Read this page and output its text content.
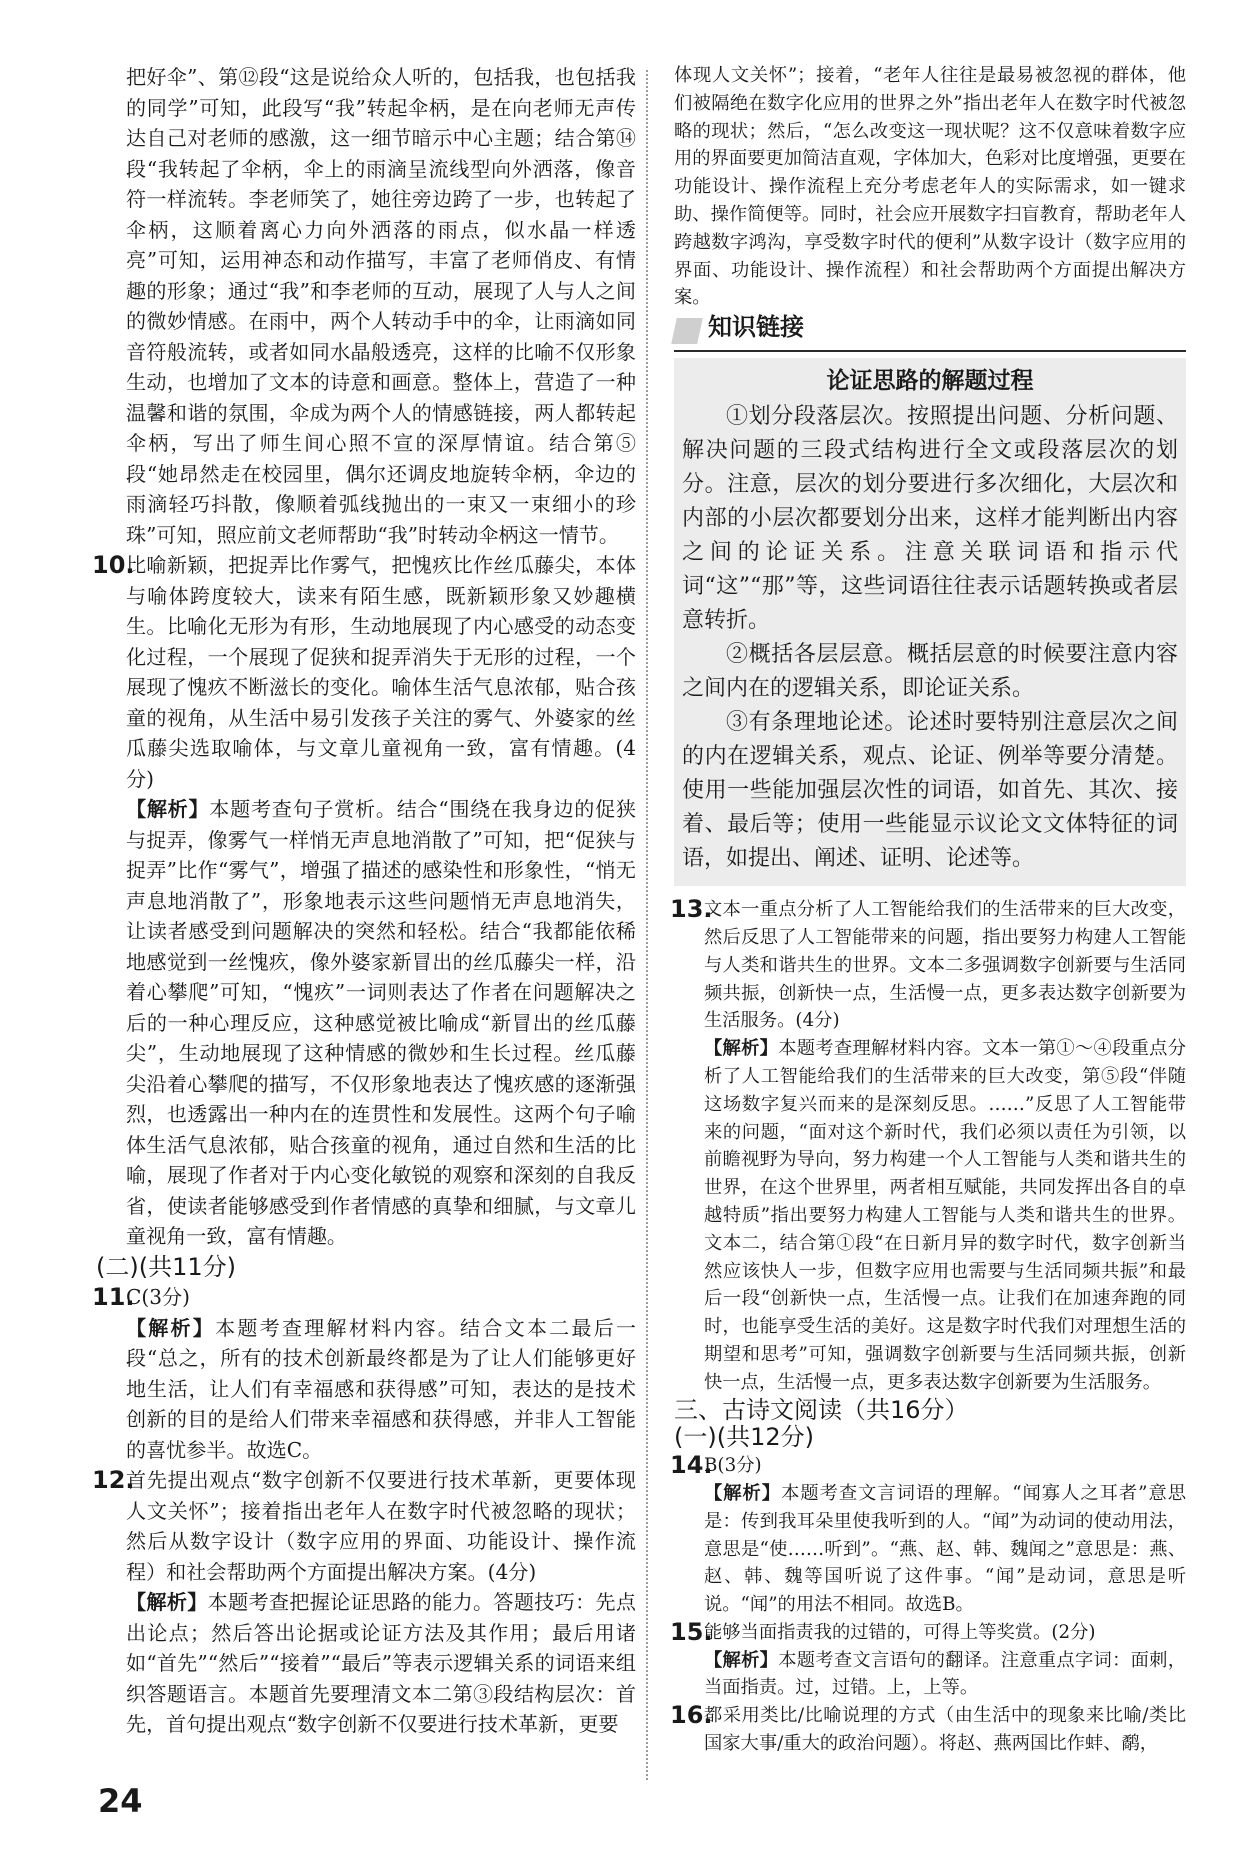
把好伞”、第⑫段“这是说给众人听的，包括我，也包括我的同学”可知，此段写“我”转起伞柄，是在向老师无声传达自己对老师的感激，这一细节暗示中心主题；结合第⑭段“我转起了伞柄，伞上的雨滴呈流线型向外洒落，像音符一样流转。李老师笑了，她往旁边跨了一步，也转起了伞柄，这顺着离心力向外洒落的雨点，似水晶一样透亮”可知，运用神态和动作描写，丰富了老师俏皮、有情趣的形象；通过“我”和李老师的互动，展现了人与人之间的微妙情感。在雨中，两个人转动手中的伞，让雨滴如同音符般流转，或者如同水晶般透亮，这样的比喻不仅形象生动，也增加了文本的诗意和画意。整体上，营造了一种温馨和谐的氛围，伞成为两个人的情感链接，两人都转起伞柄，写出了师生间心照不宣的深厚情谊。结合第⑤段“她昂然走在校园里，偶尔还调皮地旋转伞柄，伞边的雨滴轻巧抖散，像顺着弧线抛出的一束又一束细小的珍珠”可知，照应前文老师帮助“我”时转动伞柄这一情节。

10.

比喻新颖，把捉弄比作雾气，把愧疚比作丝瓜藤尖，本体与喻体跨度较大，读来有陌生感，既新颖形象又妙趣横生。比喻化无形为有形，生动地展现了内心感受的动态变化过程，一个展现了促狭和捉弄消失于无形的过程，一个展现了愧疚不断滋长的变化。喻体生活气息浓郁，贴合孩童的视角，从生活中易引发孩子关注的雾气、外婆家的丝瓜藤尖选取喻体，与文章儿童视角一致，富有情趣。(4分)

【解析】本题考查句子赏析。结合“围绕在我身边的促狭与捉弄，像雾气一样悄无声息地消散了”可知，把“促狭与捉弄”比作“雾气”，增强了描述的感染性和形象性，“悄无声息地消散了”，形象地表示这些问题悄无声息地消失，让读者感受到问题解决的突然和轻松。结合“我都能依稀地感觉到一丝愧疚，像外婆家新冒出的丝瓜藤尖一样，沿着心攀爬”可知，“愧疚”一词则表达了作者在问题解决之后的一种心理反应，这种感觉被比喻成“新冒出的丝瓜藤尖”，生动地展现了这种情感的微妙和生长过程。丝瓜藤尖沿着心攀爬的描写，不仅形象地表达了愧疚感的逐渐强烈，也透露出一种内在的连贯性和发展性。这两个句子喻体生活气息浓郁，贴合孩童的视角，通过自然和生活的比喻，展现了作者对于内心变化敏锐的观察和深刻的自我反省，使读者能够感受到作者情感的真挚和细腻，与文章儿童视角一致，富有情趣。

(二)(共11分)

11.

C(3分)

【解析】本题考查理解材料内容。结合文本二最后一段“总之，所有的技术创新最终都是为了让人们能够更好地生活，让人们有幸福感和获得感”可知，表达的是技术创新的目的是给人们带来幸福感和获得感，并非人工智能的喜忧参半。故选C。

12.

首先提出观点“数字创新不仅要进行技术革新，更要体现人文关怀”；接着指出老年人在数字时代被忽略的现状；然后从数字设计（数字应用的界面、功能设计、操作流程）和社会帮助两个方面提出解决方案。(4分)

【解析】本题考查把握论证思路的能力。答题技巧：先点出论点；然后答出论据或论证方法及其作用；最后用诸如“首先”“然后”“接着”“最后”等表示逻辑关系的词语来组织答题语言。本题首先要理清文本二第③段结构层次：首先，首句提出观点“数字创新不仅要进行技术革新，更要

体现人文关怀”；接着，“老年人往往是最易被忽视的群体，他们被隔绝在数字化应用的世界之外”指出老年人在数字时代被忽略的现状；然后，“怎么改变这一现状呢？这不仅意味着数字应用的界面要更加简洁直观，字体加大，色彩对比度增强，更要在功能设计、操作流程上充分考虑老年人的实际需求，如一键求助、操作简便等。同时，社会应开展数字扫盲教育，帮助老年人跨越数字鸿沟，享受数字时代的便利”从数字设计（数字应用的界面、功能设计、操作流程）和社会帮助两个方面提出解决方案。

知识链接
论证思路的解题过程

①划分段落层次。按照提出问题、分析问题、解决问题的三段式结构进行全文或段落层次的划分。注意，层次的划分要进行多次细化，大层次和内部的小层次都要划分出来，这样才能判断出内容之间的论证关系。注意关联词语和指示代词“这”“那”等，这些词语往往表示话题转换或者层意转折。

②概括各层层意。概括层意的时候要注意内容之间内在的逻辑关系，即论证关系。

③有条理地论述。论述时要特别注意层次之间的内在逻辑关系，观点、论证、例举等要分清楚。使用一些能加强层次性的词语，如首先、其次、接着、最后等；使用一些能显示议论文文体特征的词语，如提出、阐述、证明、论述等。

13.

文本一重点分析了人工智能给我们的生活带来的巨大改变，然后反思了人工智能带来的问题，指出要努力构建人工智能与人类和谐共生的世界。文本二多强调数字创新要与生活同频共振，创新快一点，生活慢一点，更多表达数字创新要为生活服务。(4分)

【解析】本题考查理解材料内容。文本一第①～④段重点分析了人工智能给我们的生活带来的巨大改变，第⑤段“伴随这场数字复兴而来的是深刻反思。……”反思了人工智能带来的问题，“面对这个新时代，我们必须以责任为引领，以前瞻视野为导向，努力构建一个人工智能与人类和谐共生的世界，在这个世界里，两者相互赋能，共同发挥出各自的卓越特质”指出要努力构建人工智能与人类和谐共生的世界。文本二，结合第①段“在日新月异的数字时代，数字创新当然应该快人一步，但数字应用也需要与生活同频共振”和最后一段“创新快一点，生活慢一点。让我们在加速奔跑的同时，也能享受生活的美好。这是数字时代我们对理想生活的期望和思考”可知，强调数字创新要与生活同频共振，创新快一点，生活慢一点，更多表达数字创新要为生活服务。

三、古诗文阅读（共16分）

(一)(共12分)

14.

B(3分)

【解析】本题考查文言词语的理解。“闻寡人之耳者”意思是：传到我耳朵里使我听到的人。“闻”为动词的使动用法，意思是“使……听到”。“燕、赵、韩、魏闻之”意思是：燕、赵、韩、魏等国听说了这件事。“闻”是动词，意思是听说。“闻”的用法不相同。故选B。

15.

能够当面指责我的过错的，可得上等奖赏。(2分)

【解析】本题考查文言语句的翻译。注意重点字词：面刺，当面指责。过，过错。上，上等。

16.

都采用类比/比喻说理的方式（由生活中的现象来比喻/类比国家大事/重大的政治问题）。将赵、燕两国比作蚌、鹬，

24
